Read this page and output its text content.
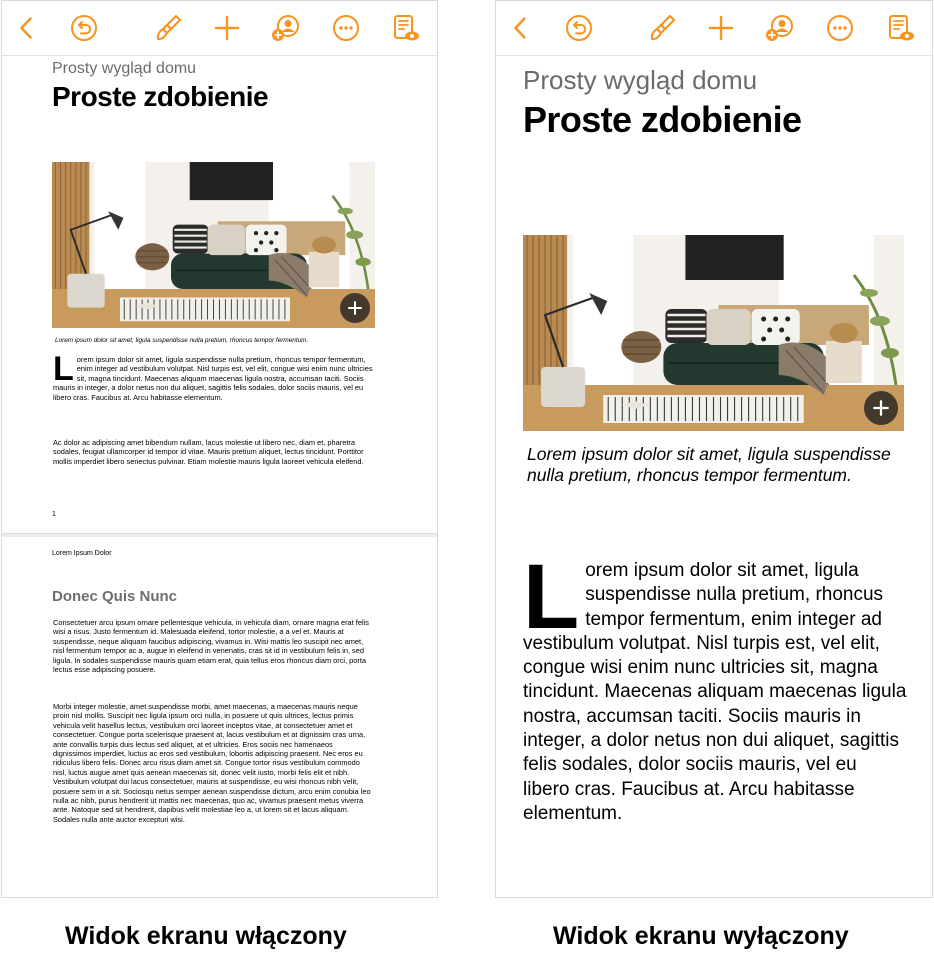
Prosty wygląd domu
Proste zdobienie
Lorem ipsum dolor sit amet, ligula suspendisse nulla pretium, rhoncus tempor fermentum.

Lorem ipsum dolor sit amet, ligula suspendisse nulla pretium, rhoncus tempor fermentum, enim integer ad vestibulum volutpat. Nisl turpis est, vel elit, congue wisi enim nunc ultricies sit, magna tincidunt. Maecenas aliquam maecenas ligula nostra, accumsan taciti. Sociis mauris in integer, a dolor netus non dui aliquet, sagittis felis sodales, dolor sociis mauris, vel eu libero cras. Faucibus at. Arcu habitasse elementum.

Ac dolor ac adipiscing amet bibendum nullam, lacus molestie ut libero nec, diam et, pharetra sodales, feugiat ullamcorper id tempor id vitae. Mauris pretium aliquet, lectus tincidunt. Porttitor mollis imperdiet libero senectus pulvinar. Etiam molestie mauris ligula laoreet vehicula eleifend.

1
Lorem Ipsum Dolor
Donec Quis Nunc

Consectetuer arcu ipsum ornare pellentesque vehicula, in vehicula diam, ornare magna erat felis wisi a risus. Justo fermentum id. Malesuada eleifend, tortor molestie, a a vel et. Mauris at suspendisse, neque aliquam faucibus adipiscing, vivamus in. Wisi mattis leo suscipit nec amet, nisl fermentum tempor ac a, augue in eleifend in venenatis, cras sit id in vestibulum felis in, sed ligula. In sodales suspendisse mauris quam etiam erat, quia tellus eros rhoncus diam orci, porta lectus esse adipiscing posuere.

Morbi integer molestie, amet suspendisse morbi, amet maecenas, a maecenas mauris neque proin nisl mollis. Suscipit nec ligula ipsum orci nulla, in posuere ut quis ultrices, lectus primis vehicula velit hasellus lectus, vestibulum orci laoreet inceptos vitae, at consectetuer amet et consectetuer. Congue porta scelerisque praesent at, lacus vestibulum et at dignissim cras urna, ante convallis turpis duis lectus sed aliquet, at et ultricies. Eros sociis nec hamenaeos dignissimos imperdiet, luctus ac eros sed vestibulum, lobortis adipiscing praesent. Nec eros eu ridiculus libero felis. Donec arcu risus diam amet sit. Congue tortor risus vestibulum commodo nisl, luctus augue amet quis aenean maecenas sit, donec velit iusto, morbi felis elit et nibh. Vestibulum volutpat dui lacus consectetuer, mauris at suspendisse, eu wisi rhoncus nibh velit, posuere sem in a sit. Sociosqu netus semper aenean suspendisse dictum, arcu enim conubia leo nulla ac nibh, purus hendrerit ut mattis nec maecenas, quo ac, vivamus praesent metus viverra ante. Natoque sed sit hendrerit, dapibus velit molestiae leo a, ut lorem sit et lacus aliquam. Sodales nulla ante auctor excepturi wisi.

Prosty wygląd domu
Proste zdobienie

Lorem ipsum dolor sit amet, ligula suspendisse nulla pretium, rhoncus tempor fermentum.

Lorem ipsum dolor sit amet, ligula suspendisse nulla pretium, rhoncus tempor fermentum, enim integer ad vestibulum volutpat. Nisl turpis est, vel elit, congue wisi enim nunc ultricies sit, magna tincidunt. Maecenas aliquam maecenas ligula nostra, accumsan taciti. Sociis mauris in integer, a dolor netus non dui aliquet, sagittis felis sodales, dolor sociis mauris, vel eu libero cras. Faucibus at. Arcu habitasse elementum.

Widok ekranu włączony	Widok ekranu wyłączony
